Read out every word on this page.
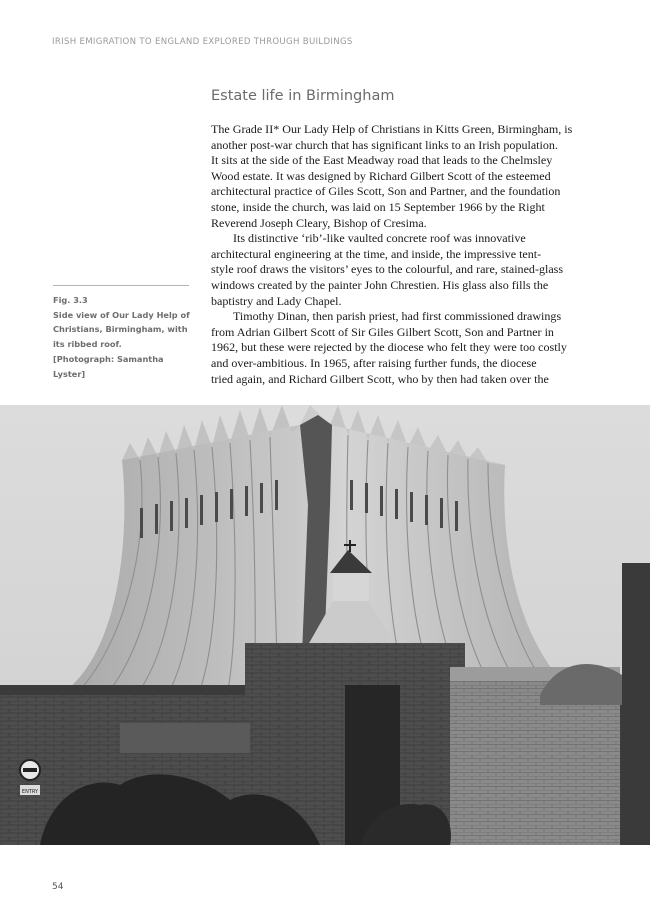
IRISH EMIGRATION TO ENGLAND EXPLORED THROUGH BUILDINGS
Estate life in Birmingham
The Grade II* Our Lady Help of Christians in Kitts Green, Birmingham, is
another post-war church that has significant links to an Irish population.
It sits at the side of the East Meadway road that leads to the Chelmsley
Wood estate. It was designed by Richard Gilbert Scott of the esteemed
architectural practice of Giles Scott, Son and Partner, and the foundation
stone, inside the church, was laid on 15 September 1966 by the Right
Reverend Joseph Cleary, Bishop of Cresima.
Its distinctive ‘rib’-like vaulted concrete roof was innovative
architectural engineering at the time, and inside, the impressive tent-
style roof draws the visitors’ eyes to the colourful, and rare, stained-glass
windows created by the painter John Chrestien. His glass also fills the
baptistry and Lady Chapel.
Timothy Dinan, then parish priest, had first commissioned drawings
from Adrian Gilbert Scott of Sir Giles Gilbert Scott, Son and Partner in
1962, but these were rejected by the diocese who felt they were too costly
and over-ambitious. In 1965, after raising further funds, the diocese
tried again, and Richard Gilbert Scott, who by then had taken over the
Fig. 3.3
Side view of Our Lady Help of
Christians, Birmingham, with
its ribbed roof.
[Photograph: Samantha
Lyster]
ENTRY
54
